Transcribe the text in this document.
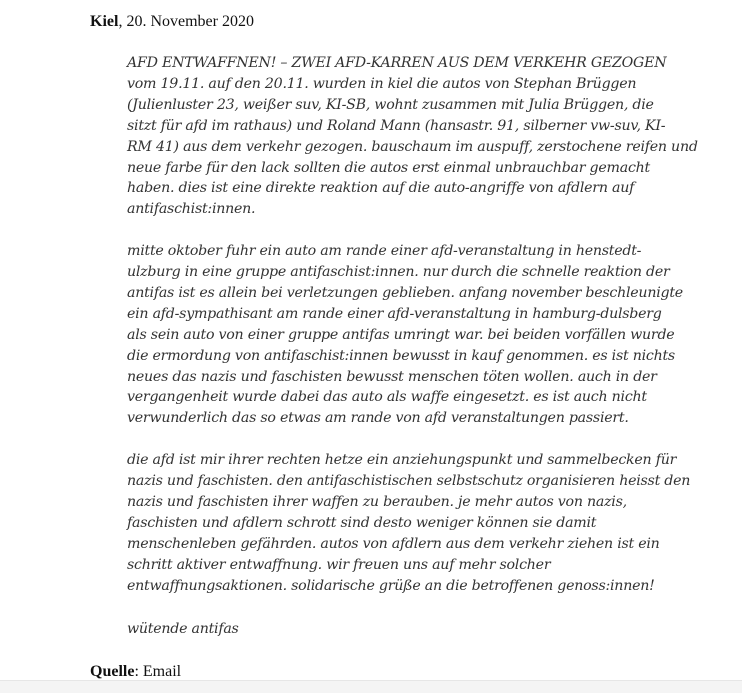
Kiel, 20. November 2020

AFD ENTWAFFNEN! – ZWEI AFD-KARREN AUS DEM VERKEHR GEZOGEN
vom 19.11. auf den 20.11. wurden in kiel die autos von Stephan Brüggen
(Julienluster 23, weißer suv, KI-SB, wohnt zusammen mit Julia Brüggen, die
sitzt für afd im rathaus) und Roland Mann (hansastr. 91, silberner vw-suv, KI-
RM 41) aus dem verkehr gezogen. bauschaum im auspuff, zerstochene reifen und
neue farbe für den lack sollten die autos erst einmal unbrauchbar gemacht
haben. dies ist eine direkte reaktion auf die auto-angriffe von afdlern auf
antifaschist:innen.

mitte oktober fuhr ein auto am rande einer afd-veranstaltung in henstedt-
ulzburg in eine gruppe antifaschist:innen. nur durch die schnelle reaktion der
antifas ist es allein bei verletzungen geblieben. anfang november beschleunigte
ein afd-sympathisant am rande einer afd-veranstaltung in hamburg-dulsberg
als sein auto von einer gruppe antifas umringt war. bei beiden vorfällen wurde
die ermordung von antifaschist:innen bewusst in kauf genommen. es ist nichts
neues das nazis und faschisten bewusst menschen töten wollen. auch in der
vergangenheit wurde dabei das auto als waffe eingesetzt. es ist auch nicht
verwunderlich das so etwas am rande von afd veranstaltungen passiert.

die afd ist mir ihrer rechten hetze ein anziehungspunkt und sammelbecken für
nazis und faschisten. den antifaschistischen selbstschutz organisieren heisst den
nazis und faschisten ihrer waffen zu berauben. je mehr autos von nazis,
faschisten und afdlern schrott sind desto weniger können sie damit
menschenleben gefährden. autos von afdlern aus dem verkehr ziehen ist ein
schritt aktiver entwaffnung. wir freuen uns auf mehr solcher
entwaffnungsaktionen. solidarische grüße an die betroffenen genoss:innen!

wütende antifas
Quelle: Email
